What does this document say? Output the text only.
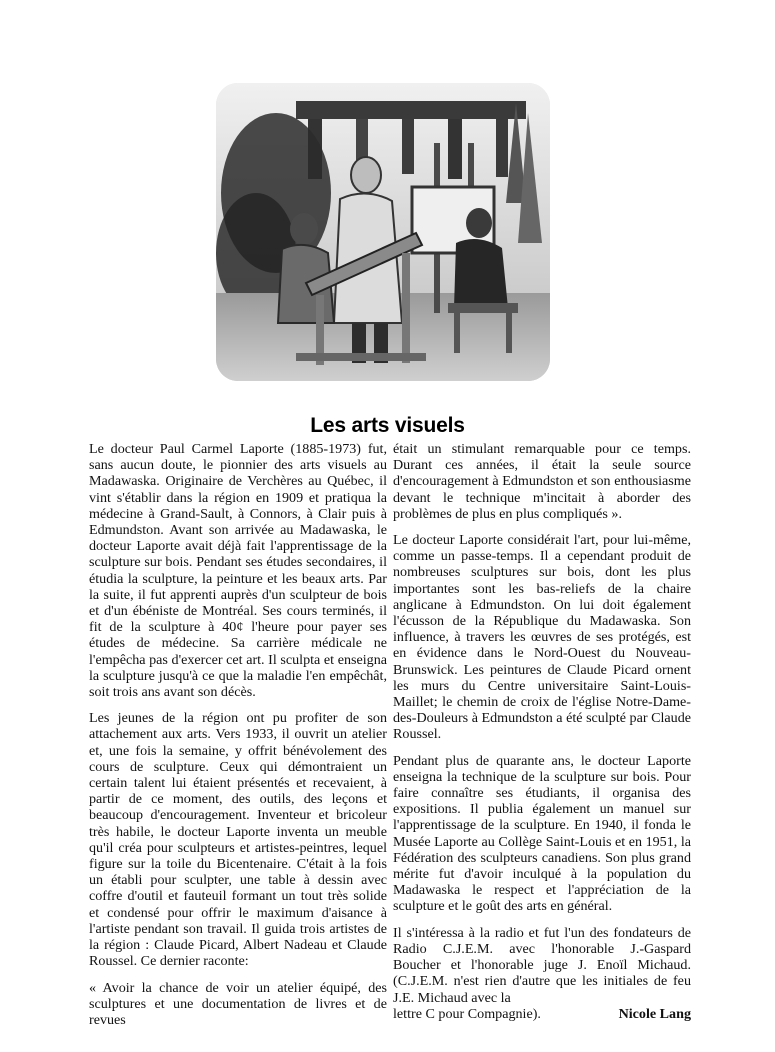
Les arts visuels

Le docteur Paul Carmel Laporte (1885-1973) fut, sans aucun doute, le pionnier des arts visuels au Madawaska. Originaire de Verchères au Québec, il vint s'établir dans la région en 1909 et pratiqua la médecine à Grand-Sault, à Connors, à Clair puis à Edmundston. Avant son arrivée au Madawaska, le docteur Laporte avait déjà fait l'apprentissage de la sculpture sur bois. Pendant ses études secondaires, il étudia la sculpture, la peinture et les beaux arts. Par la suite, il fut apprenti auprès d'un sculpteur de bois et d'un ébéniste de Montréal. Ses cours terminés, il fit de la sculpture à 40¢ l'heure pour payer ses études de médecine. Sa carrière médicale ne l'empêcha pas d'exercer cet art. Il sculpta et enseigna la sculpture jusqu'à ce que la maladie l'en empêchât, soit trois ans avant son décès.

Les jeunes de la région ont pu profiter de son attachement aux arts. Vers 1933, il ouvrit un atelier et, une fois la semaine, y offrit bénévolement des cours de sculpture. Ceux qui démontraient un certain talent lui étaient présentés et recevaient, à partir de ce moment, des outils, des leçons et beaucoup d'encouragement. Inventeur et bricoleur très habile, le docteur Laporte inventa un meuble qu'il créa pour sculpteurs et artistes-peintres, lequel figure sur la toile du Bicentenaire. C'était à la fois un établi pour sculpter, une table à dessin avec coffre d'outil et fauteuil formant un tout très solide et condensé pour offrir le maximum d'aisance à l'artiste pendant son travail. Il guida trois artistes de la région : Claude Picard, Albert Nadeau et Claude Roussel. Ce dernier raconte:

« Avoir la chance de voir un atelier équipé, des sculptures et une documentation de livres et de revues

était un stimulant remarquable pour ce temps. Durant ces années, il était la seule source d'encouragement à Edmundston et son enthousiasme devant le technique m'incitait à aborder des problèmes de plus en plus compliqués ».

Le docteur Laporte considérait l'art, pour lui-même, comme un passe-temps. Il a cependant produit de nombreuses sculptures sur bois, dont les plus importantes sont les bas-reliefs de la chaire anglicane à Edmundston. On lui doit également l'écusson de la République du Madawaska. Son influence, à travers les œuvres de ses protégés, est en évidence dans le Nord-Ouest du Nouveau-Brunswick. Les peintures de Claude Picard ornent les murs du Centre universitaire Saint-Louis-Maillet; le chemin de croix de l'église Notre-Dame-des-Douleurs à Edmundston a été sculpté par Claude Roussel.

Pendant plus de quarante ans, le docteur Laporte enseigna la technique de la sculpture sur bois. Pour faire connaître ses étudiants, il organisa des expositions. Il publia également un manuel sur l'apprentissage de la sculpture. En 1940, il fonda le Musée Laporte au Collège Saint-Louis et en 1951, la Fédération des sculpteurs canadiens. Son plus grand mérite fut d'avoir inculqué à la population du Madawaska le respect et l'appréciation de la sculpture et le goût des arts en général.

Il s'intéressa à la radio et fut l'un des fondateurs de Radio C.J.E.M. avec l'honorable J.-Gaspard Boucher et l'honorable juge J. Enoïl Michaud. (C.J.E.M. n'est rien d'autre que les initiales de feu J.E. Michaud avec la

lettre C pour Compagnie).	Nicole Lang
